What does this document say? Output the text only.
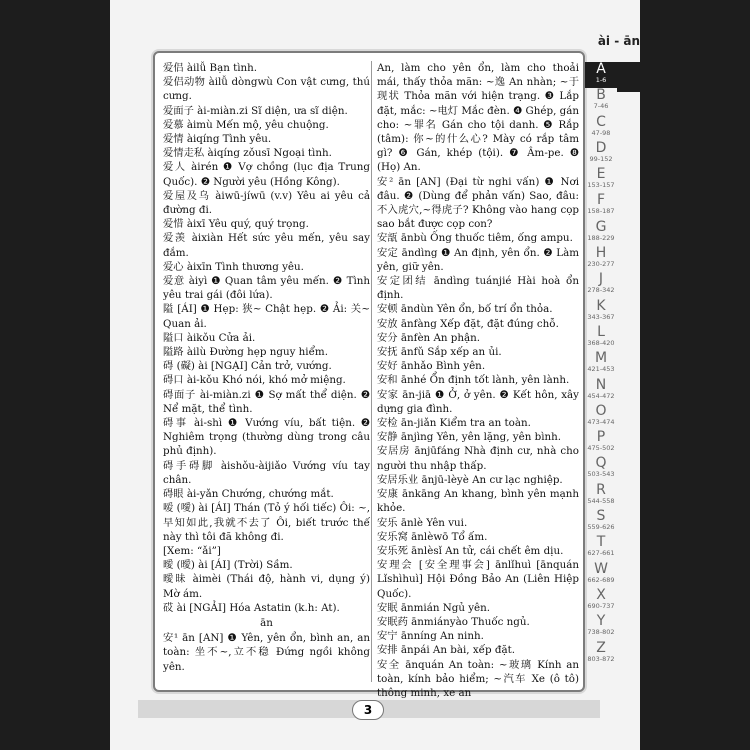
ài - ān
爱侣 àilǚ Bạn tình.
爱侣动物 àilǚ dòngwù Con vật cưng, thú cưng.
爱面子 ài-miàn.zi Sĩ diện, ưa sĩ diện.
爱慕 àimù Mến mộ, yêu chuộng.
爱情 àiqíng Tình yêu.
爱情走私 àiqíng zǒusī Ngoại tình.
爱人 àirén ❶ Vợ chồng (lục địa Trung Quốc). ❷ Người yêu (Hồng Kông).
爱屋及乌 àiwū-jíwū (v.v) Yêu ai yêu cả đường đi.
爱惜 àixī Yêu quý, quý trọng.
爱羡 àixiàn Hết sức yêu mến, yêu say đắm.
爱心 àixīn Tình thương yêu.
爱意 àiyì ❶ Quan tâm yêu mến. ❷ Tình yêu trai gái (đôi lứa).
隘 [ÁI] ❶ Hẹp: 狭~ Chật hẹp. ❷ Ải: 关~ Quan ải.
隘口 àikǒu Cửa ải.
隘路 àilù Đường hẹp nguy hiểm.
碍 (礙) ài [NGẠI] Cản trở, vướng.
碍口 ài-kǒu Khó nói, khó mở miệng.
碍面子 ài-miàn.zi ❶ Sợ mất thể diện. ❷ Nể mặt, thể tình.
碍事 ài-shì ❶ Vướng víu, bất tiện. ❷ Nghiêm trọng (thường dùng trong câu phủ định).
碍手碍脚 àishǒu-àijiǎo Vướng víu tay chân.
碍眼 ài-yǎn Chướng, chướng mắt.
嗳 (噯) ài [ÁI] Thán (Tỏ ý hối tiếc) Ôi: ~,早知如此,我就不去了 Ôi, biết trước thế này thì tôi đã không đi.
[Xem: “ǎi”]
曖 (曖) ài [ÁI] (Trời) Sầm.
曖昧 àimèi (Thái độ, hành vi, dụng ý) Mờ ám.
砹 ài [NGẢI] Hóa Astatin (k.h: At).
ān
安¹ ān [AN] ❶ Yên, yên ổn, bình an, an toàn: 坐不~,立不稳 Đứng ngồi không yên.
An, làm cho yên ổn, làm cho thoải mái, thấy thỏa mãn: ~逸 An nhàn; ~于现状 Thỏa mãn với hiện trạng. ❸ Lắp đặt, mắc: ~电灯 Mắc đèn. ❹ Ghép, gán cho: ~罪名 Gán cho tội danh. ❺ Rắp (tâm): 你~的什么心? Mày có rắp tâm gì? ❻ Gán, khép (tội). ❼ Âm-pe. ❽ (Họ) An.
安² ān [AN] (Đại từ nghi vấn) ❶ Nơi đâu. ❷ (Dùng để phản vấn) Sao, đâu: 不入虎穴,~得虎子? Không vào hang cọp sao bắt được cọp con?
安瓿 ānbù Ống thuốc tiêm, ống ampu.
安定 āndìng ❶ An định, yên ổn. ❷ Làm yên, giữ yên.
安定团结 āndìng tuánjié Hài hoà ổn định.
安顿 āndùn Yên ổn, bố trí ổn thỏa.
安放 ānfàng Xếp đặt, đặt đúng chỗ.
安分 ānfèn An phận.
安抚 ānfǔ Sắp xếp an ủi.
安好 ānhǎo Bình yên.
安和 ānhé Ổn định tốt lành, yên lành.
安家 ān-jiā ❶ Ở, ở yên. ❷ Kết hôn, xây dựng gia đình.
安检 ān-jiǎn Kiểm tra an toàn.
安静 ānjìng Yên, yên lặng, yên bình.
安居房 ānjūfáng Nhà định cư, nhà cho người thu nhập thấp.
安居乐业 ānjū-lèyè An cư lạc nghiệp.
安康 ānkāng An khang, bình yên mạnh khỏe.
安乐 ānlè Yên vui.
安乐窝 ānlèwō Tổ ấm.
安乐死 ānlèsǐ An tử, cái chết êm dịu.
安理会 [安全理事会] ānlǐhuì [ānquán Lǐshìhuì] Hội Đồng Bảo An (Liên Hiệp Quốc).
安眠 ānmián Ngủ yên.
安眠药 ānmiányào Thuốc ngủ.
安宁 ānníng An ninh.
安排 ānpái An bài, xếp đặt.
安全 ānquán An toàn: ~玻璃 Kính an toàn, kính bảo hiểm; ~汽车 Xe (ô tô) thông minh, xe an
A
1-6
B
7-46
C
47-98
D
99-152
E
153-157
F
158-187
G
188-229
H
230-277
J
278-342
K
343-367
L
368-420
M
421-453
N
454-472
O
473-474
P
475-502
Q
503-543
R
544-558
S
559-626
T
627-661
W
662-689
X
690-737
Y
738-802
Z
803-872
3
